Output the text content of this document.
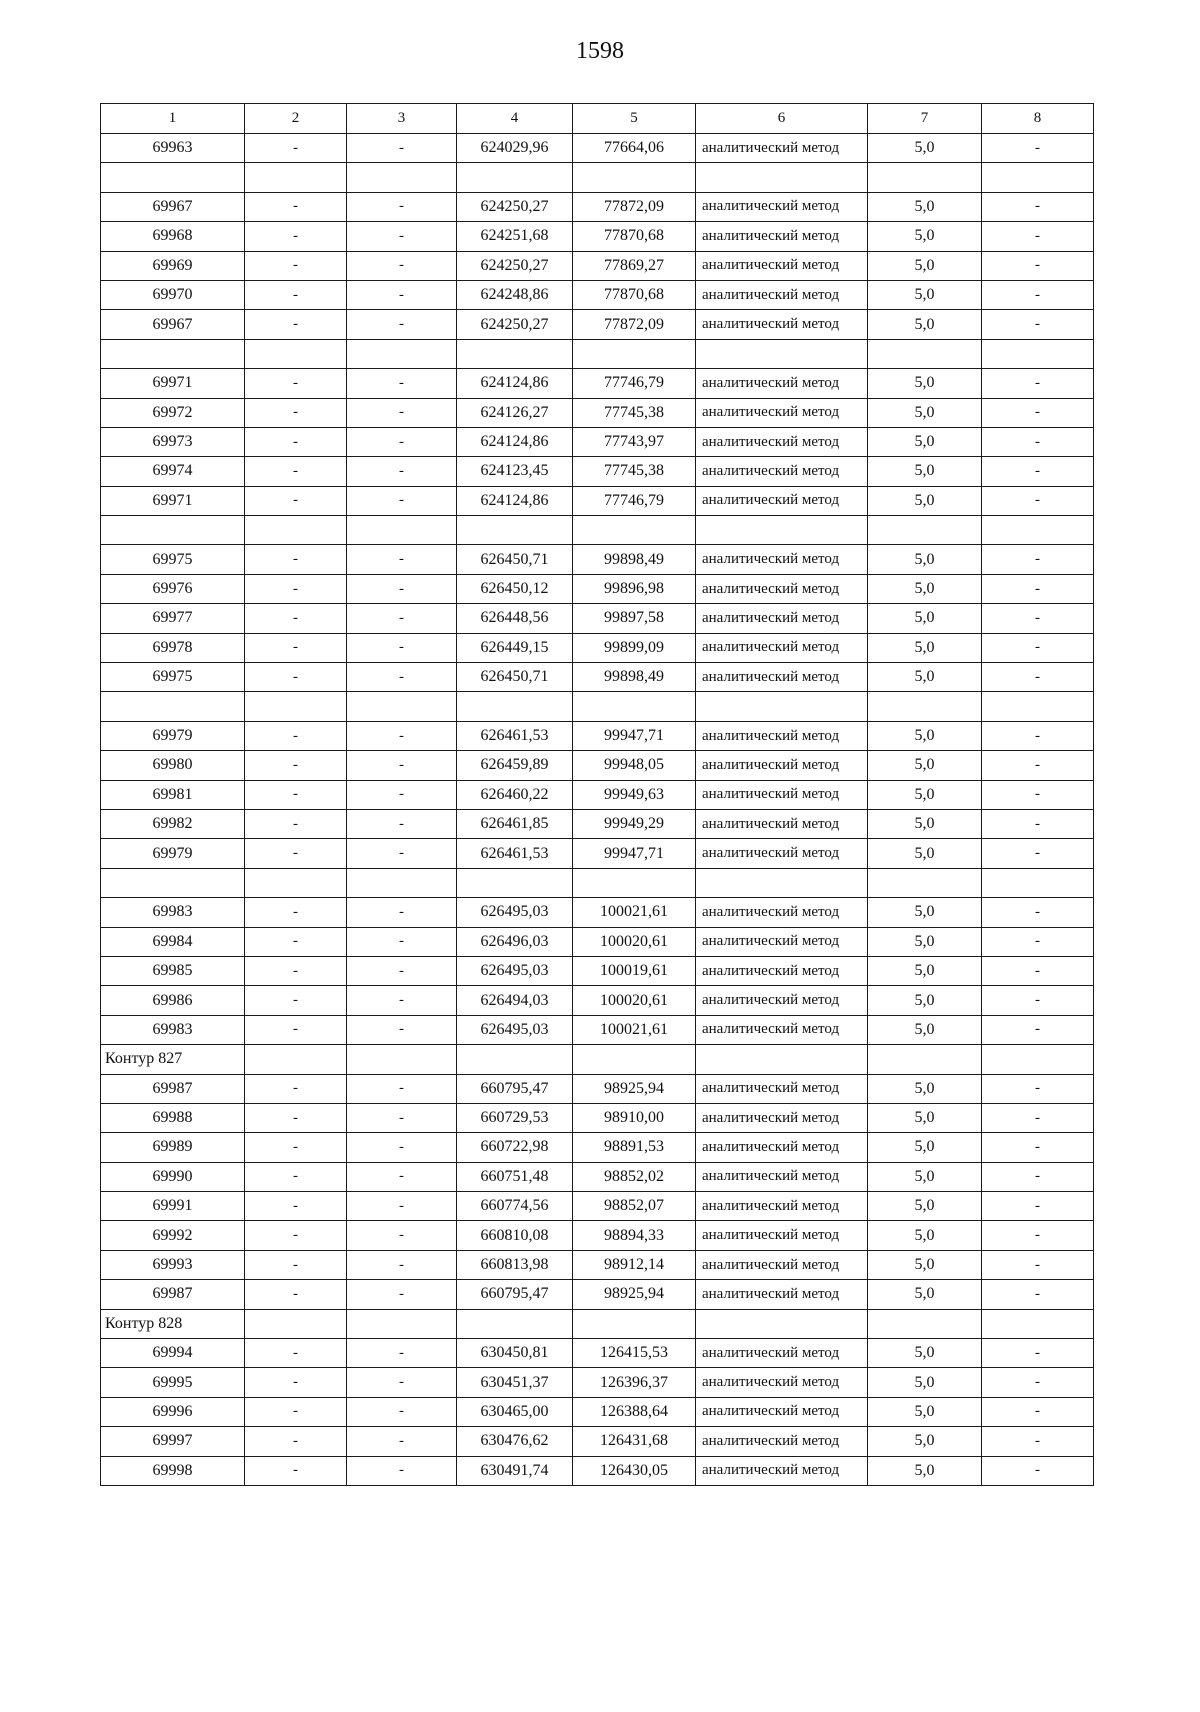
1598
1	2	3	4	5	6	7	8
69963	-	-	624029,96	77664,06	аналитический метод	5,0	-

69967	-	-	624250,27	77872,09	аналитический метод	5,0	-
69968	-	-	624251,68	77870,68	аналитический метод	5,0	-
69969	-	-	624250,27	77869,27	аналитический метод	5,0	-
69970	-	-	624248,86	77870,68	аналитический метод	5,0	-
69967	-	-	624250,27	77872,09	аналитический метод	5,0	-

69971	-	-	624124,86	77746,79	аналитический метод	5,0	-
69972	-	-	624126,27	77745,38	аналитический метод	5,0	-
69973	-	-	624124,86	77743,97	аналитический метод	5,0	-
69974	-	-	624123,45	77745,38	аналитический метод	5,0	-
69971	-	-	624124,86	77746,79	аналитический метод	5,0	-

69975	-	-	626450,71	99898,49	аналитический метод	5,0	-
69976	-	-	626450,12	99896,98	аналитический метод	5,0	-
69977	-	-	626448,56	99897,58	аналитический метод	5,0	-
69978	-	-	626449,15	99899,09	аналитический метод	5,0	-
69975	-	-	626450,71	99898,49	аналитический метод	5,0	-

69979	-	-	626461,53	99947,71	аналитический метод	5,0	-
69980	-	-	626459,89	99948,05	аналитический метод	5,0	-
69981	-	-	626460,22	99949,63	аналитический метод	5,0	-
69982	-	-	626461,85	99949,29	аналитический метод	5,0	-
69979	-	-	626461,53	99947,71	аналитический метод	5,0	-

69983	-	-	626495,03	100021,61	аналитический метод	5,0	-
69984	-	-	626496,03	100020,61	аналитический метод	5,0	-
69985	-	-	626495,03	100019,61	аналитический метод	5,0	-
69986	-	-	626494,03	100020,61	аналитический метод	5,0	-
69983	-	-	626495,03	100021,61	аналитический метод	5,0	-
Контур 827							
69987	-	-	660795,47	98925,94	аналитический метод	5,0	-
69988	-	-	660729,53	98910,00	аналитический метод	5,0	-
69989	-	-	660722,98	98891,53	аналитический метод	5,0	-
69990	-	-	660751,48	98852,02	аналитический метод	5,0	-
69991	-	-	660774,56	98852,07	аналитический метод	5,0	-
69992	-	-	660810,08	98894,33	аналитический метод	5,0	-
69993	-	-	660813,98	98912,14	аналитический метод	5,0	-
69987	-	-	660795,47	98925,94	аналитический метод	5,0	-
Контур 828							
69994	-	-	630450,81	126415,53	аналитический метод	5,0	-
69995	-	-	630451,37	126396,37	аналитический метод	5,0	-
69996	-	-	630465,00	126388,64	аналитический метод	5,0	-
69997	-	-	630476,62	126431,68	аналитический метод	5,0	-
69998	-	-	630491,74	126430,05	аналитический метод	5,0	-
